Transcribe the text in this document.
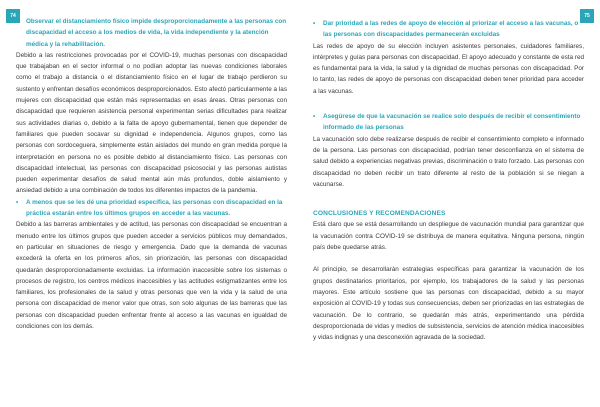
74	75
•	Observar el distanciamiento físico impide desproporcionadamente a las personas con discapacidad el acceso a los medios de vida, la vida independiente y la atención médica y la rehabilitación.

Debido a las restricciones provocadas por el COVID-19, muchas personas con discapacidad que trabajaban en el sector informal o no podían adoptar las nuevas condiciones laborales como el trabajo a distancia o el distanciamiento físico en el lugar de trabajo perdieron su sustento y enfrentan desafíos económicos desproporcionados. Esto afectó particularmente a las mujeres con discapacidad que están más representadas en esas áreas. Otras personas con discapacidad que requieren asistencia personal experimentan serias dificultades para realizar sus actividades diarias o, debido a la falta de apoyo gubernamental, tienen que depender de familiares que pueden socavar su dignidad e independencia. Algunos grupos, como las personas con sordoceguera, simplemente están aislados del mundo en gran medida porque la interpretación en persona no es posible debido al distanciamiento físico. Las personas con discapacidad intelectual, las personas con discapacidad psicosocial y las personas autistas pueden experimentar desafíos de salud mental aún más profundos, doble aislamiento y ansiedad debido a una combinación de todos los diferentes impactos de la pandemia.

•	A menos que se les dé una prioridad específica, las personas con discapacidad en la práctica estarán entre los últimos grupos en acceder a las vacunas.

Debido a las barreras ambientales y de actitud, las personas con discapacidad se encuentran a menudo entre los últimos grupos que pueden acceder a servicios públicos muy demandados, en particular en situaciones de riesgo y emergencia. Dado que la demanda de vacunas excederá la oferta en los primeros años, sin priorización, las personas con discapacidad quedarán desproporcionadamente excluidas. La información inaccesible sobre los sistemas o procesos de registro, los centros médicos inaccesibles y las actitudes estigmatizantes entre los familiares, los profesionales de la salud y otras personas que ven la vida y la salud de una persona con discapacidad de menor valor que otras, son solo algunas de las barreras que las personas con discapacidad pueden enfrentar frente al acceso a las vacunas en igualdad de condiciones con los demás.

•	Dar prioridad a las redes de apoyo de elección al priorizar el acceso a las vacunas, o las personas con discapacidades permanecerán excluidas

Las redes de apoyo de su elección incluyen asistentes personales, cuidadores familiares, intérpretes y guías para personas con discapacidad. El apoyo adecuado y constante de esta red es fundamental para la vida, la salud y la dignidad de muchas personas con discapacidad. Por lo tanto, las redes de apoyo de personas con discapacidad deben tener prioridad para acceder a las vacunas.

•	Asegúrese de que la vacunación se realice solo después de recibir el consentimiento informado de las personas

La vacunación solo debe realizarse después de recibir el consentimiento completo e informado de la persona. Las personas con discapacidad, podrían tener desconfianza en el sistema de salud debido a experiencias negativas previas, discriminación o trato forzado. Las personas con discapacidad no deben recibir un trato diferente al resto de la población si se niegan a vacunarse.

CONCLUSIONES Y RECOMENDACIONES

Está claro que se está desarrollando un despliegue de vacunación mundial para garantizar que la vacunación contra COVID-19 se distribuya de manera equitativa. Ninguna persona, ningún país debe quedarse atrás.

Al principio, se desarrollarán estrategias específicas para garantizar la vacunación de los grupos destinatarios prioritarios, por ejemplo, los trabajadores de la salud y las personas mayores. Este artículo sostiene que las personas con discapacidad, debido a su mayor exposición al COVID-19 y todas sus consecuencias, deben ser priorizadas en las estrategias de vacunación. De lo contrario, se quedarán más atrás, experimentando una pérdida desproporcionada de vidas y medios de subsistencia, servicios de atención médica inaccesibles y vidas indignas y una desconexión agravada de la sociedad.
